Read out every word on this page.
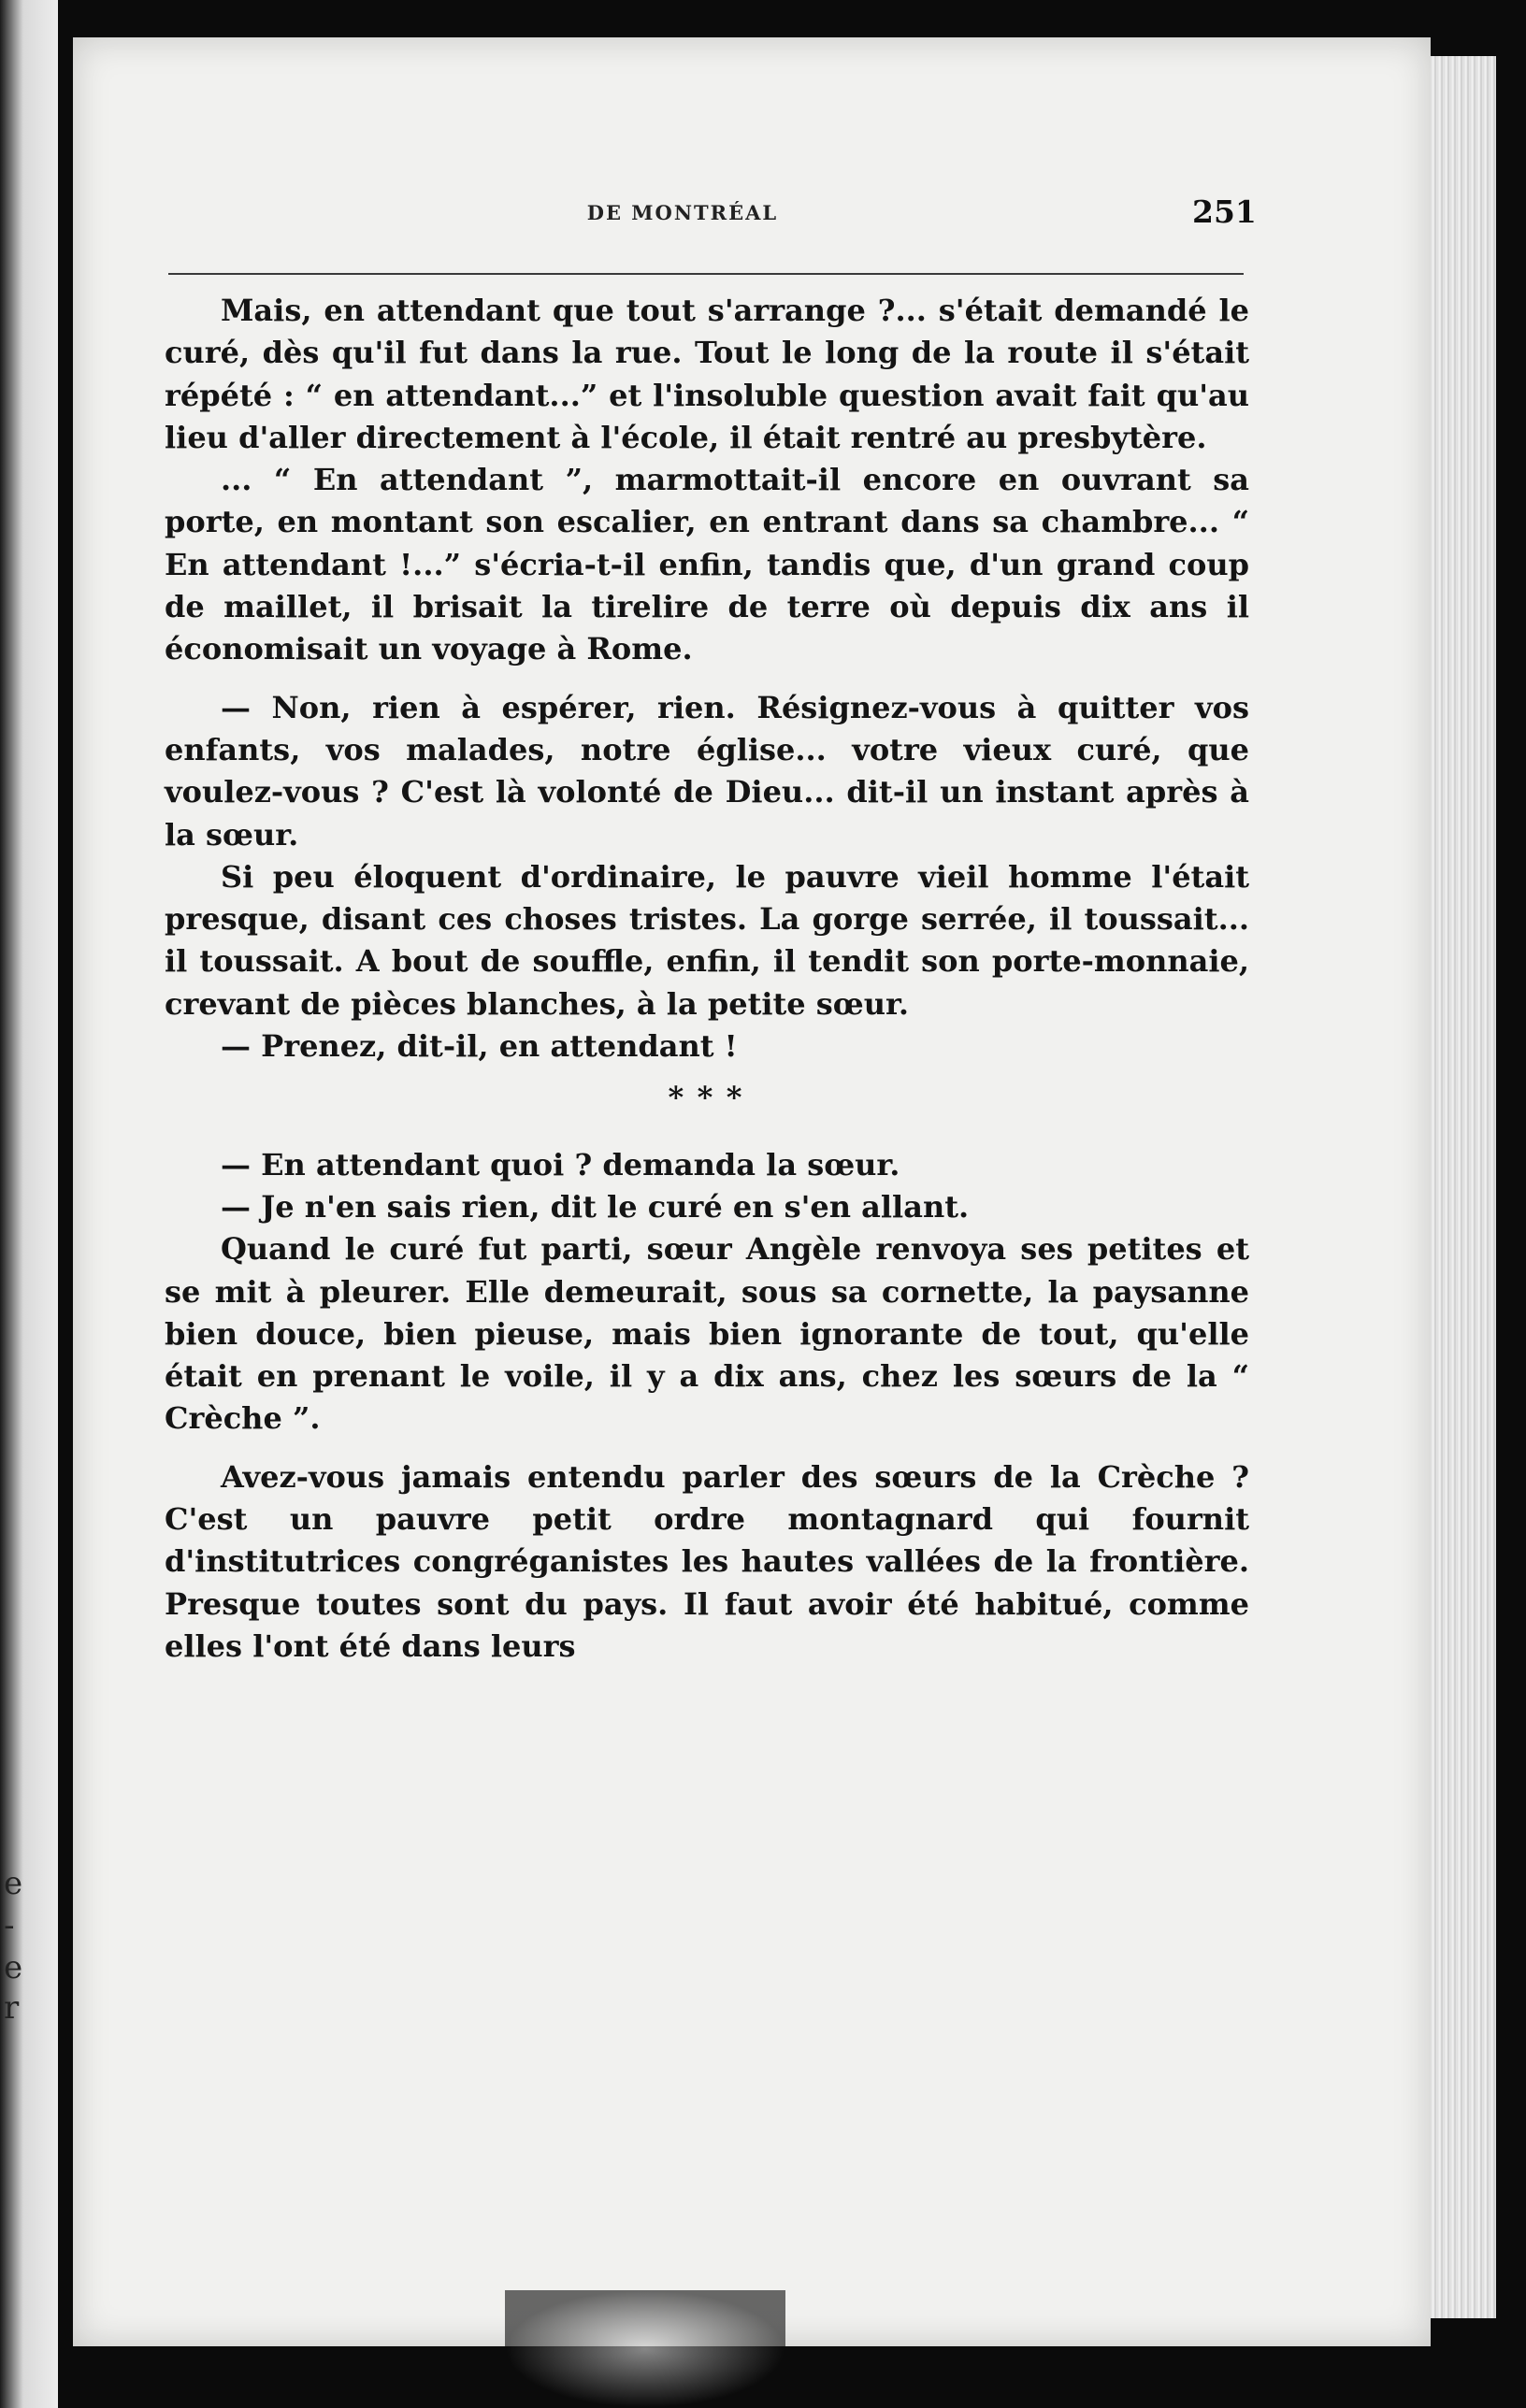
e
-
e
r
DE MONTRÉAL	251

Mais, en attendant que tout s'arrange ?... s'était demandé le curé, dès qu'il fut dans la rue. Tout le long de la route il s'était répété : “ en attendant...” et l'insoluble question avait fait qu'au lieu d'aller directement à l'école, il était rentré au presbytère.

... “ En attendant ”, marmottait-il encore en ouvrant sa porte, en montant son escalier, en entrant dans sa chambre... “ En attendant !...” s'écria-t-il enfin, tandis que, d'un grand coup de maillet, il brisait la tirelire de terre où depuis dix ans il économisait un voyage à Rome.

— Non, rien à espérer, rien. Résignez-vous à quitter vos enfants, vos malades, notre église... votre vieux curé, que voulez-vous ? C'est là volonté de Dieu... dit-il un instant après à la sœur.

Si peu éloquent d'ordinaire, le pauvre vieil homme l'était presque, disant ces choses tristes. La gorge serrée, il toussait... il toussait. A bout de souffle, enfin, il tendit son porte-monnaie, crevant de pièces blanches, à la petite sœur.

— Prenez, dit-il, en attendant !

* * *

— En attendant quoi ? demanda la sœur.

— Je n'en sais rien, dit le curé en s'en allant.

Quand le curé fut parti, sœur Angèle renvoya ses petites et se mit à pleurer. Elle demeurait, sous sa cornette, la paysanne bien douce, bien pieuse, mais bien ignorante de tout, qu'elle était en prenant le voile, il y a dix ans, chez les sœurs de la “ Crèche ”.

Avez-vous jamais entendu parler des sœurs de la Crèche ? C'est un pauvre petit ordre montagnard qui fournit d'institutrices congréganistes les hautes vallées de la frontière. Presque toutes sont du pays. Il faut avoir été habitué, comme elles l'ont été dans leurs
